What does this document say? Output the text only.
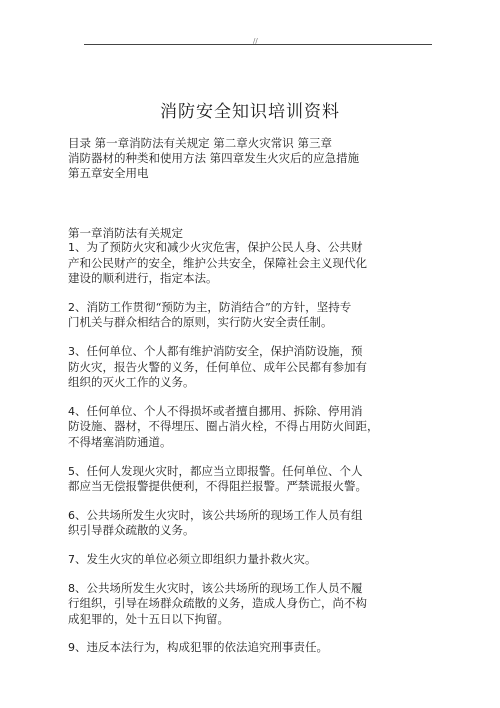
//
消防安全知识培训资料
目录 第一章消防法有关规定 第二章火灾常识 第三章
消防器材的种类和使用方法 第四章发生火灾后的应急措施
第五章安全用电
第一章消防法有关规定
1、为了预防火灾和减少火灾危害，保护公民人身、公共财
产和公民财产的安全，维护公共安全，保障社会主义现代化
建设的顺利进行，指定本法。
2、消防工作贯彻“预防为主，防消结合”的方针，坚持专
门机关与群众相结合的原则，实行防火安全责任制。
3、任何单位、个人都有维护消防安全，保护消防设施，预
防火灾，报告火警的义务，任何单位、成年公民都有参加有
组织的灭火工作的义务。
4、任何单位、个人不得损坏或者擅自挪用、拆除、停用消
防设施、器材，不得埋压、圈占消火栓，不得占用防火间距，
不得堵塞消防通道。
5、任何人发现火灾时，都应当立即报警。任何单位、个人
都应当无偿报警提供便利，不得阻拦报警。严禁谎报火警。
6、公共场所发生火灾时，该公共场所的现场工作人员有组
织引导群众疏散的义务。
7、发生火灾的单位必须立即组织力量扑救火灾。
8、公共场所发生火灾时，该公共场所的现场工作人员不履
行组织，引导在场群众疏散的义务，造成人身伤亡，尚不构
成犯罪的，处十五日以下拘留。
9、违反本法行为，构成犯罪的依法追究刑事责任。
